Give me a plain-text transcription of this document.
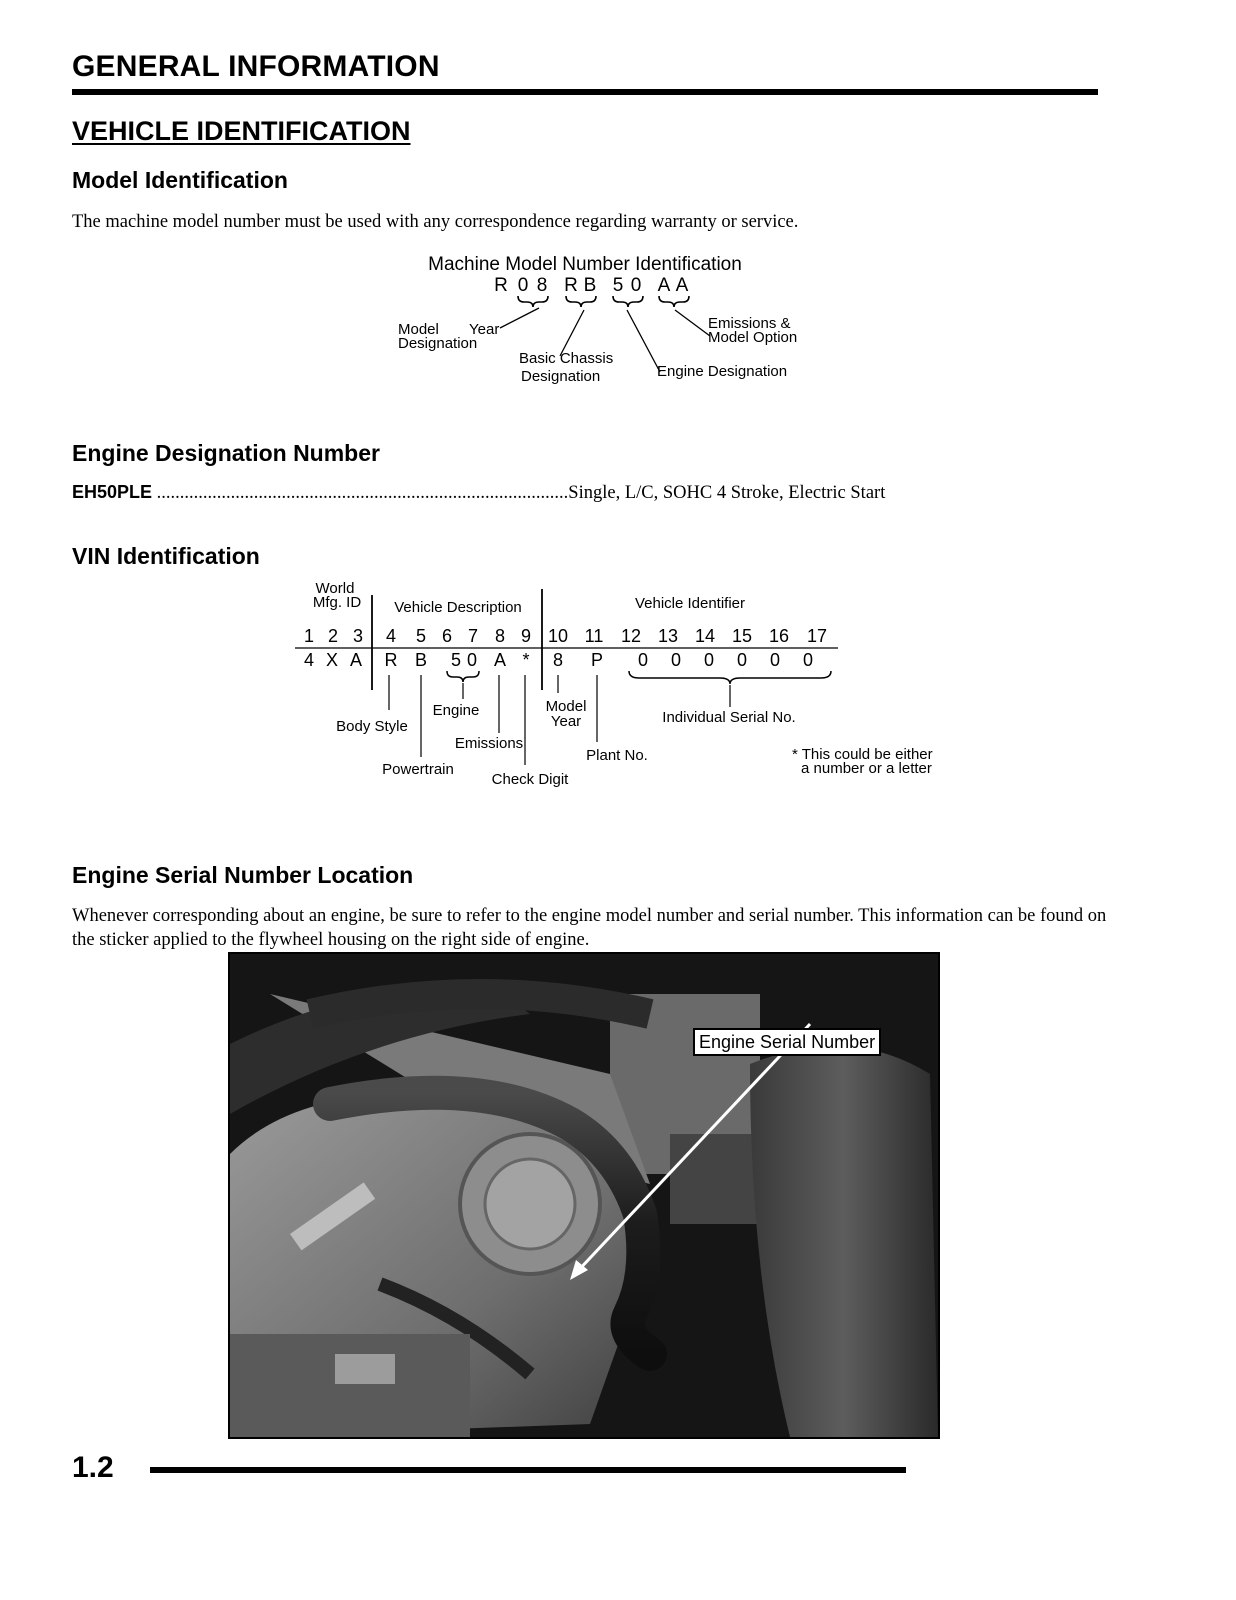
GENERAL INFORMATION
VEHICLE IDENTIFICATION
Model Identification
The machine model number must be used with any correspondence regarding warranty or service.
Machine Model Number Identification
R 0 8 R B 5 0 A A
Model
Designation
Year
Basic Chassis
Designation	Engine Designation
Emissions &
Model Option
Engine Designation Number
EH50PLE .........................................................................................Single, L/C, SOHC 4 Stroke, Electric Start
VIN Identification
World
Mfg. ID Vehicle Description	Vehicle Identifier
1 2 3 4 5 6 7 8 9 10 11 12 13 14 15 16 17
4 X A R B 5 0 A * 8 P 0 0 0 0 0 0
Body Style
Powertrain
Engine
Emissions
Check Digit
Model
Year
Plant No.
Individual Serial No.
* This could be either
a number or a letter
Engine Serial Number Location
Whenever corresponding about an engine, be sure to refer to the engine model number and serial number. This information can be found on the sticker applied to the flywheel housing on the right side of engine.
Engine Serial Number
1.2
